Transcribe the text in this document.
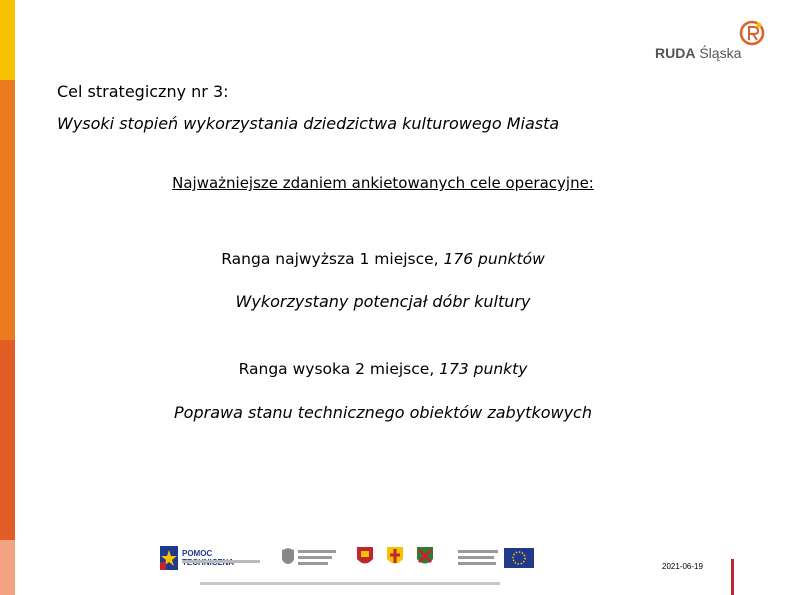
RUDA Śląska
Cel strategiczny nr 3:
Wysoki stopień wykorzystania dziedzictwa kulturowego Miasta
Najważniejsze zdaniem ankietowanych cele operacyjne:
Ranga najwyższa 1 miejsce, 176 punktów
Wykorzystany potencjał dóbr kultury
Ranga wysoka 2 miejsce, 173 punkty
Poprawa stanu technicznego obiektów zabytkowych
POMOC
2021-06-19
